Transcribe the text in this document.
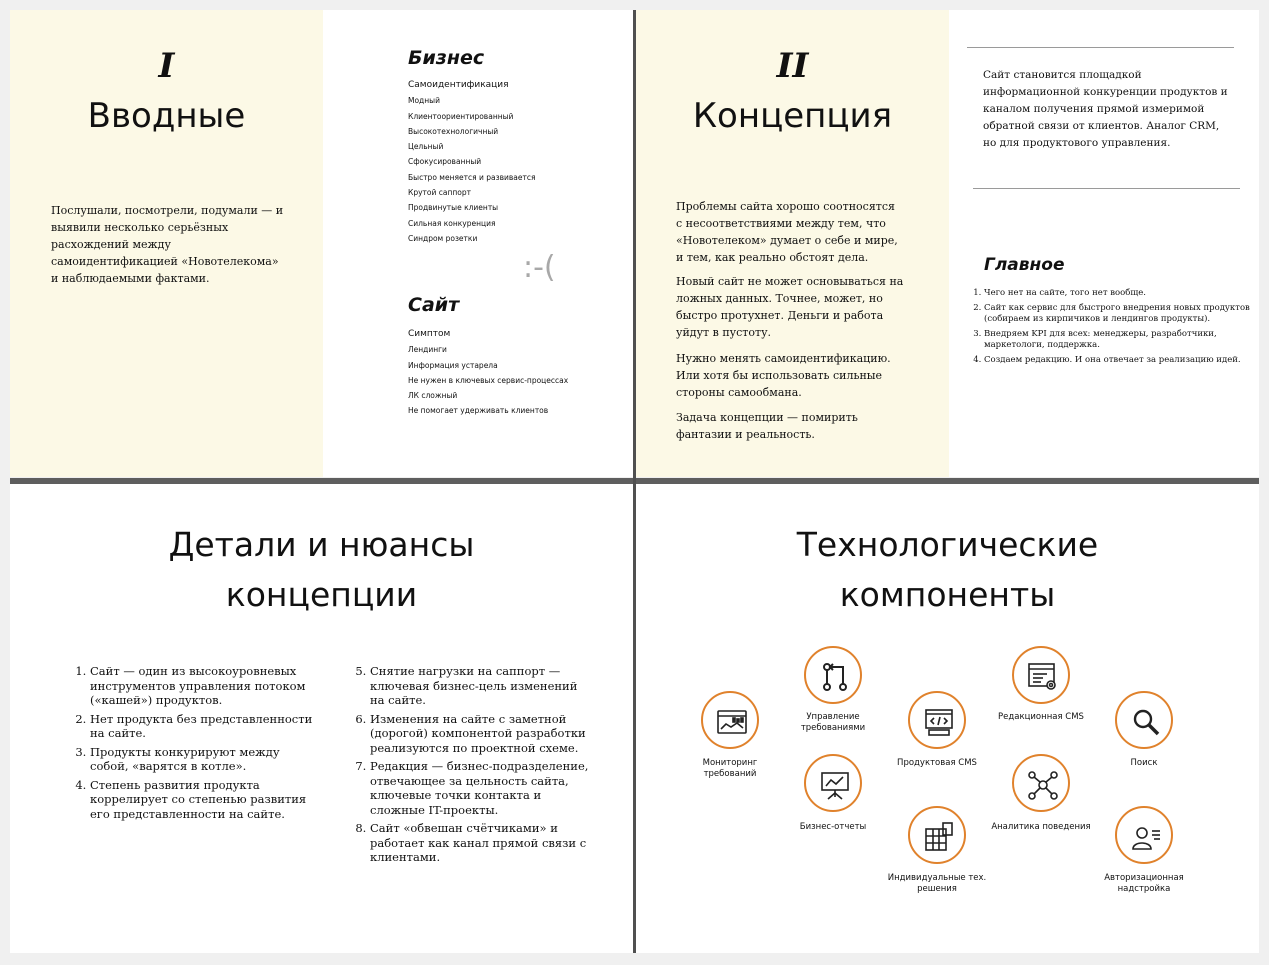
I
Вводные
Послушали, посмотрели, подумали — и выявили несколько серьёзных расхождений между самоидентификацией «Новотелекома» и наблюдаемыми фактами.
Бизнес
Самоидентификация
Модный
Клиентоориентированный
Высокотехнологичный
Цельный
Сфокусированный
Быстро меняется и развивается
Крутой саппорт
Продвинутые клиенты
Сильная конкуренция
Синдром розетки
:-(
Сайт
Симптом
Лендинги
Информация устарела
Не нужен в ключевых сервис-процессах
ЛК сложный
Не помогает удерживать клиентов
II
Концепция
Проблемы сайта хорошо соотносятся с несоответствиями между тем, что «Новотелеком» думает о себе и мире, и тем, как реально обстоят дела.
Новый сайт не может основываться на ложных данных. Точнее, может, но быстро протухнет. Деньги и работа уйдут в пустоту.
Нужно менять самоидентификацию. Или хотя бы использовать сильные стороны самообмана.
Задача концепции — помирить фантазии и реальность.
Сайт становится площадкой информационной конкуренции продуктов и каналом получения прямой измеримой обратной связи от клиентов. Аналог CRM, но для продуктового управления.
Главное
1. Чего нет на сайте, того нет вообще.
2. Сайт как сервис для быстрого внедрения новых продуктов (собираем из кирпичиков и лендингов продукты).
3. Внедряем KPI для всех: менеджеры, разработчики, маркетологи, поддержка.
4. Создаем редакцию. И она отвечает за реализацию идей.
Детали и нюансы
концепции
1. Сайт — один из высокоуровневых инструментов управления потоком («кашей») продуктов.
2. Нет продукта без представленности на сайте.
3. Продукты конкурируют между собой, «варятся в котле».
4. Степень развития продукта коррелирует со степенью развития его представленности на сайте.
5. Снятие нагрузки на саппорт — ключевая бизнес-цель изменений на сайте.
6. Изменения на сайте с заметной (дорогой) компонентой разработки реализуются по проектной схеме.
7. Редакция — бизнес-подразделение, отвечающее за цельность сайта, ключевые точки контакта и сложные IT-проекты.
8. Сайт «обвешан счётчиками» и работает как канал прямой связи с клиентами.
Технологические
компоненты
Мониторинг требований
Управление требованиями
Бизнес-отчеты
Продуктовая CMS
Индивидуальные тех. решения
Редакционная CMS
Аналитика поведения
Поиск
Авторизационная надстройка
